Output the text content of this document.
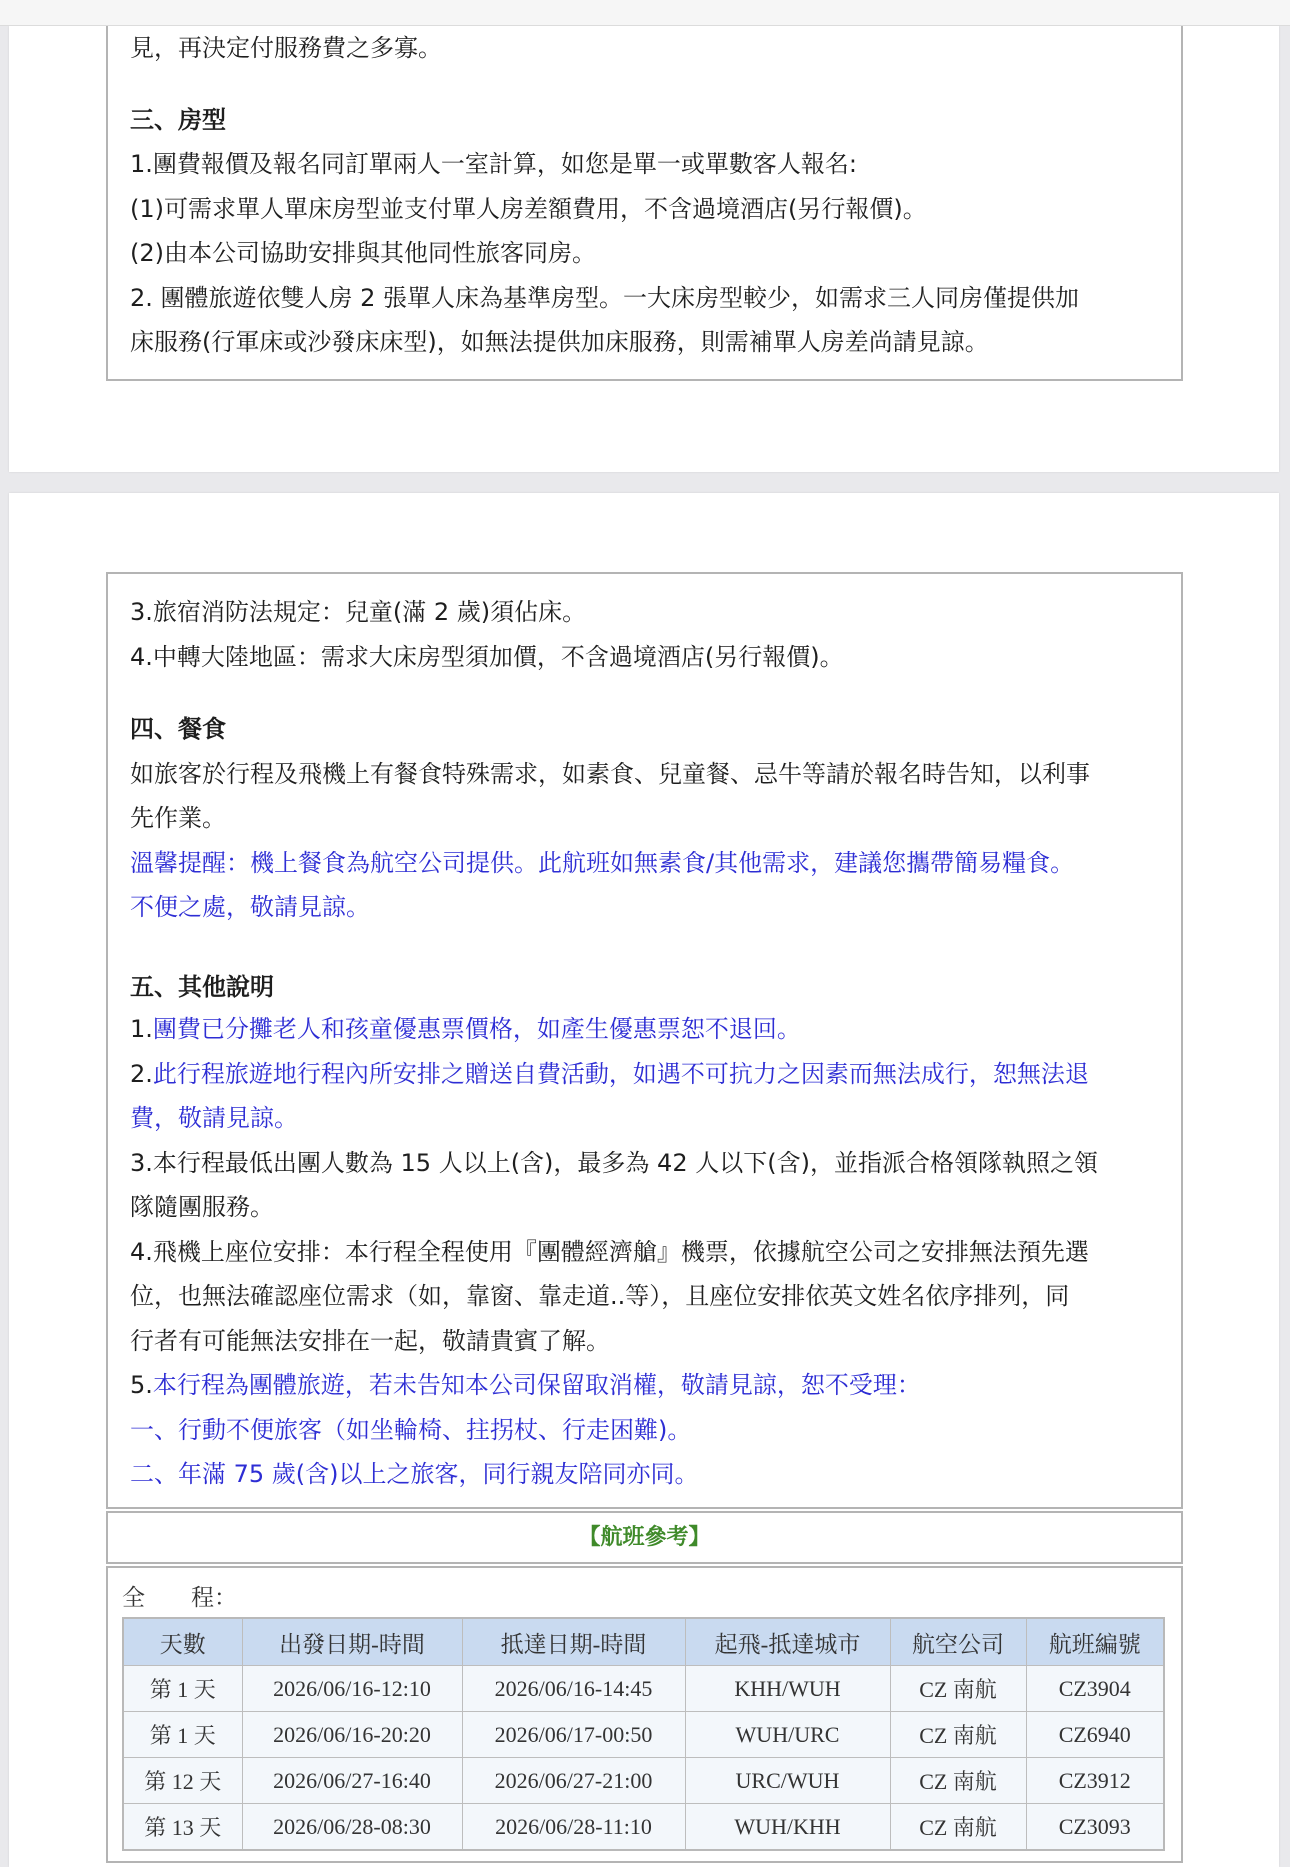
見，再決定付服務費之多寡。
三、房型
1.團費報價及報名同訂單兩人一室計算，如您是單一或單數客人報名:
(1)可需求單人單床房型並支付單人房差額費用，不含過境酒店(另行報價)。
(2)由本公司協助安排與其他同性旅客同房。
2. 團體旅遊依雙人房 2 張單人床為基準房型。一大床房型較少，如需求三人同房僅提供加
床服務(行軍床或沙發床床型)，如無法提供加床服務，則需補單人房差尚請見諒。
3.旅宿消防法規定：兒童(滿 2 歲)須佔床。
4.中轉大陸地區：需求大床房型須加價，不含過境酒店(另行報價)。
四、餐食
如旅客於行程及飛機上有餐食特殊需求，如素食、兒童餐、忌牛等請於報名時告知，以利事
先作業。
溫馨提醒：機上餐食為航空公司提供。此航班如無素食/其他需求，建議您攜帶簡易糧食。
不便之處，敬請見諒。
五、其他說明
1.團費已分攤老人和孩童優惠票價格，如產生優惠票恕不退回。
2.此行程旅遊地行程內所安排之贈送自費活動，如遇不可抗力之因素而無法成行，恕無法退
費，敬請見諒。
3.本行程最低出團人數為 15 人以上(含)，最多為 42 人以下(含)，並指派合格領隊執照之領
隊隨團服務。
4.飛機上座位安排：本行程全程使用『團體經濟艙』機票，依據航空公司之安排無法預先選
位，也無法確認座位需求（如，靠窗、靠走道..等），且座位安排依英文姓名依序排列，同
行者有可能無法安排在一起，敬請貴賓了解。
5.本行程為團體旅遊，若未告知本公司保留取消權，敬請見諒，恕不受理：
一、行動不便旅客（如坐輪椅、拄拐杖、行走困難)。
二、年滿 75 歲(含)以上之旅客，同行親友陪同亦同。
【航班參考】
全　　程：
天數	出發日期-時間	抵達日期-時間	起飛-抵達城市	航空公司	航班編號
第 1 天	2026/06/16-12:10	2026/06/16-14:45	KHH/WUH	CZ 南航	CZ3904
第 1 天	2026/06/16-20:20	2026/06/17-00:50	WUH/URC	CZ 南航	CZ6940
第 12 天	2026/06/27-16:40	2026/06/27-21:00	URC/WUH	CZ 南航	CZ3912
第 13 天	2026/06/28-08:30	2026/06/28-11:10	WUH/KHH	CZ 南航	CZ3093
